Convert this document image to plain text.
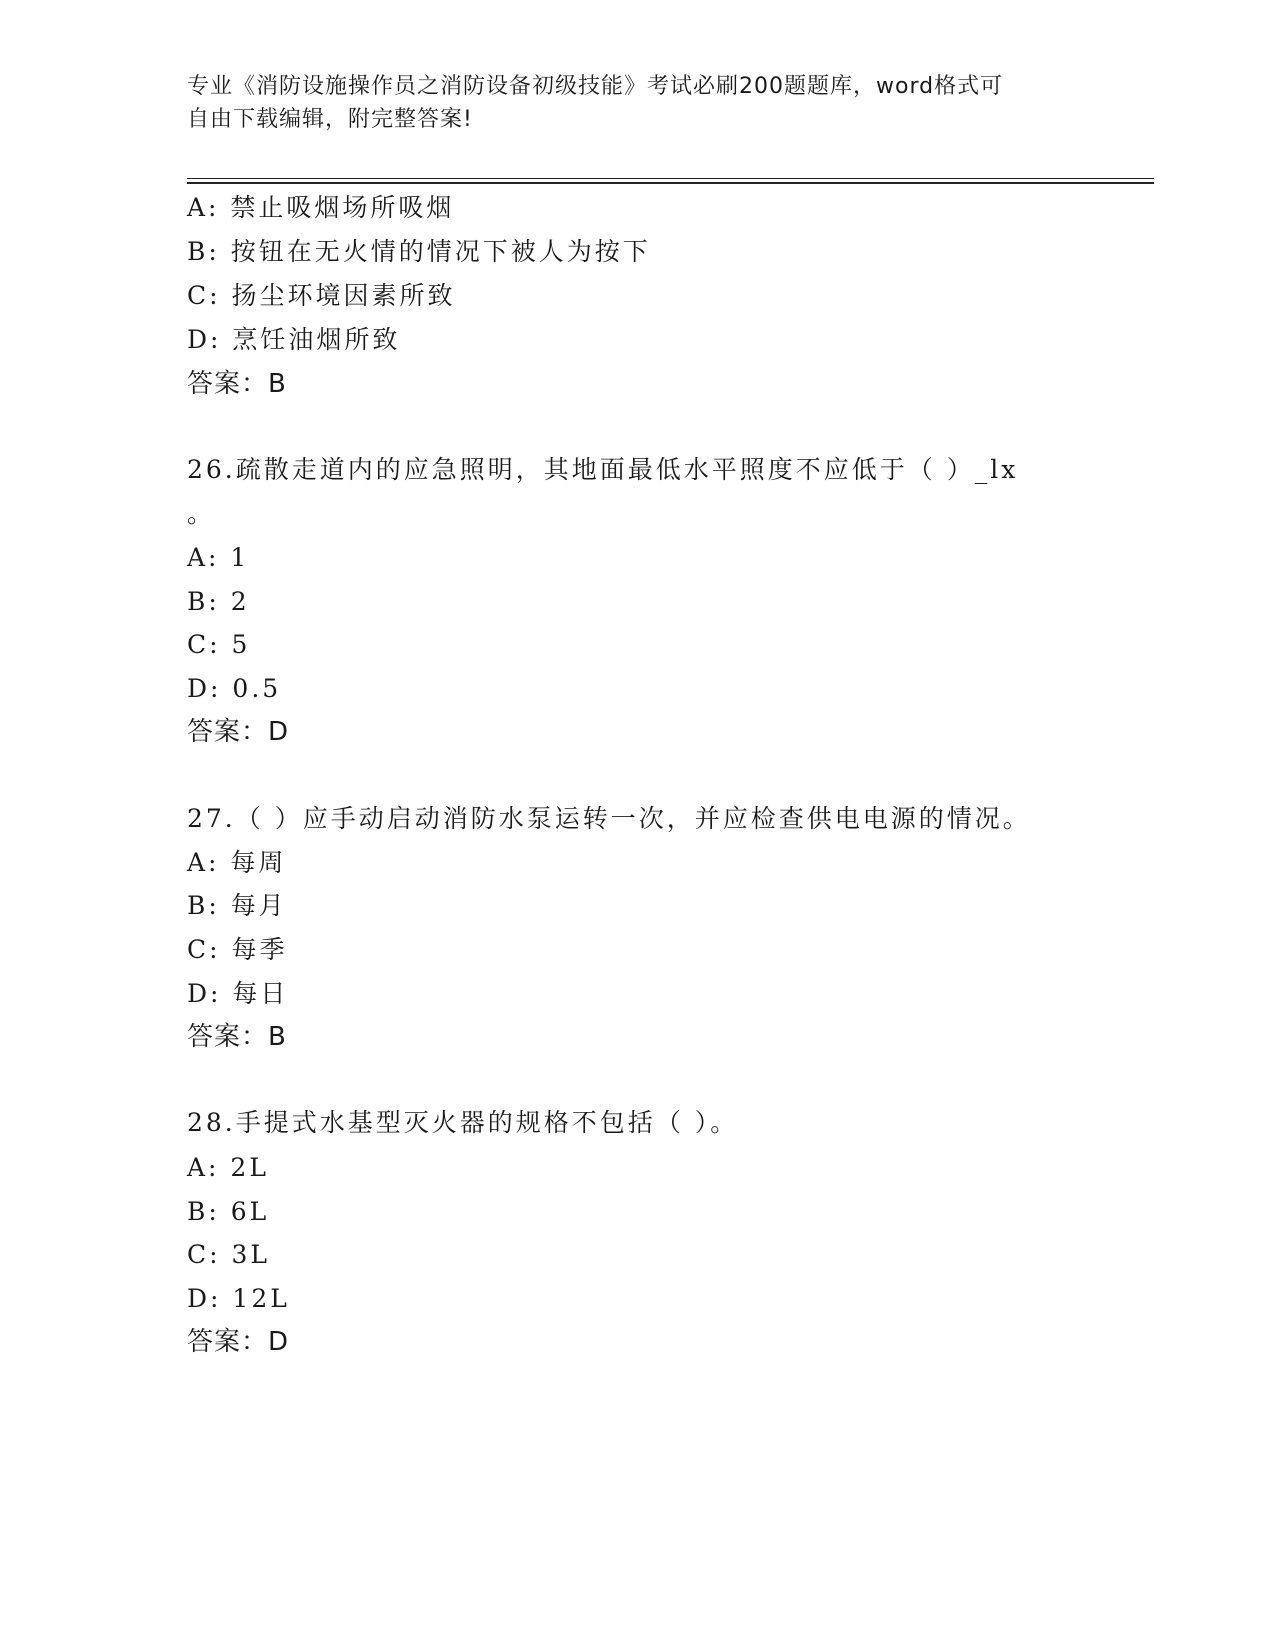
专业《消防设施操作员之消防设备初级技能》考试必刷200题题库，word格式可
自由下载编辑，附完整答案!
A: 禁止吸烟场所吸烟
B: 按钮在无火情的情况下被人为按下
C: 扬尘环境因素所致
D: 烹饪油烟所致
答案：B
26.疏散走道内的应急照明，其地面最低水平照度不应低于（ ）_lx
。
A: 1
B: 2
C: 5
D: 0.5
答案：D
27.（ ）应手动启动消防水泵运转一次，并应检查供电电源的情况。
A: 每周
B: 每月
C: 每季
D: 每日
答案：B
28.手提式水基型灭火器的规格不包括（ ）。
A: 2L
B: 6L
C: 3L
D: 12L
答案：D
